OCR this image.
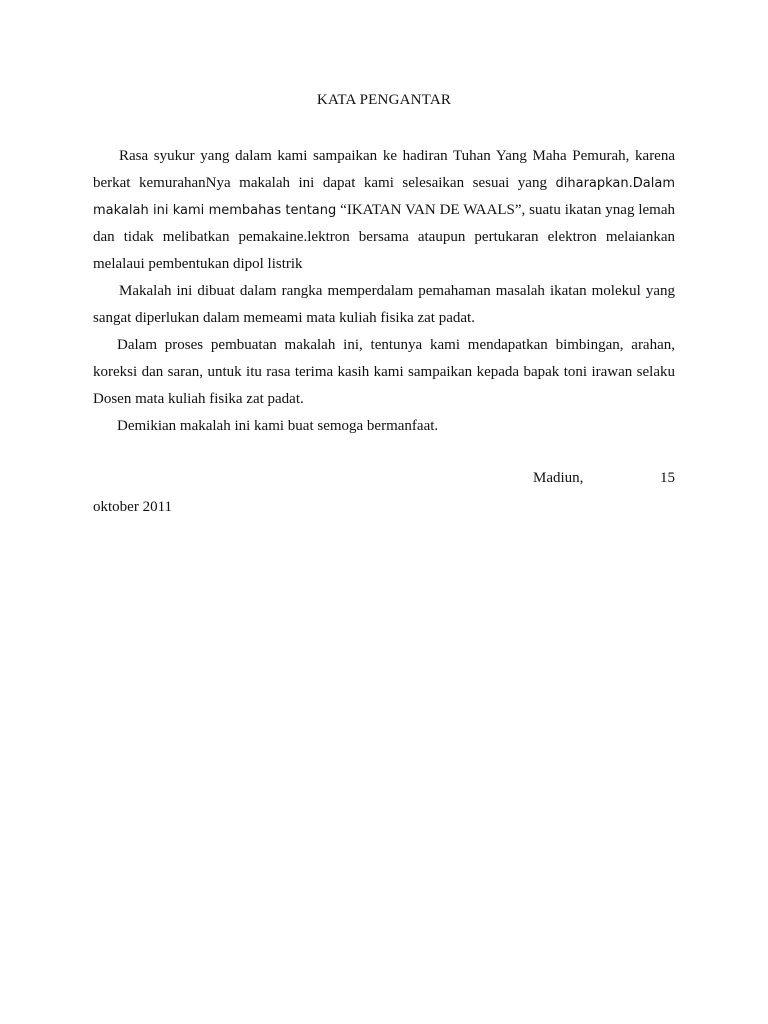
KATA PENGANTAR

Rasa syukur yang dalam kami sampaikan ke hadiran Tuhan Yang Maha Pemurah, karena berkat kemurahanNya makalah ini dapat kami selesaikan sesuai yang diharapkan.Dalam makalah ini kami membahas tentang “IKATAN VAN DE WAALS”, suatu ikatan ynag lemah dan tidak melibatkan pemakaine.lektron bersama ataupun pertukaran elektron melaiankan melalaui pembentukan dipol listrik

Makalah ini dibuat dalam rangka memperdalam pemahaman masalah ikatan molekul yang sangat diperlukan dalam memeami mata kuliah fisika zat padat.

Dalam proses pembuatan makalah ini, tentunya kami mendapatkan bimbingan, arahan, koreksi dan saran, untuk itu rasa terima kasih kami sampaikan kepada bapak toni irawan selaku Dosen mata kuliah fisika zat padat.

Demikian makalah ini kami buat semoga bermanfaat.

Madiun,	15
oktober 2011
